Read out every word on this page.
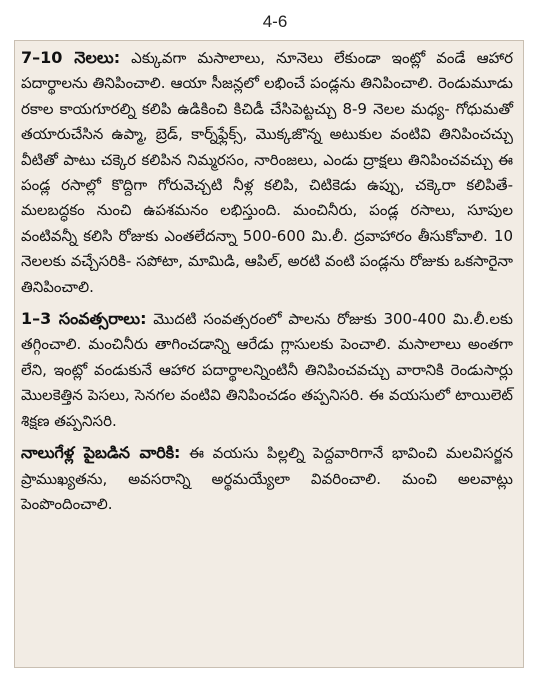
4-6

7–10 నెలలు: ఎక్కువగా మసాలాలు, నూనెలు లేకుండా ఇంట్లో వండే ఆహార పదార్థాలను తినిపించాలి. ఆయా సీజన్లలో లభించే పండ్లను తినిపించాలి. రెండుమూడు రకాల కాయగూరల్ని కలిపి ఉడికించి కిచిడీ చేసిపెట్టచ్చు 8-9 నెలల మధ్య- గోధుమతో తయారుచేసిన ఉప్మా, బ్రెడ్, కార్న్‌ఫ్లేక్స్, మొక్కజొన్న అటుకుల వంటివి తినిపించచ్చు వీటితో పాటు చక్కెర కలిపిన నిమ్మరసం, నారింజలు, ఎండు ద్రాక్షలు తినిపించవచ్చు ఈ పండ్ల రసాల్లో కొద్దిగా గోరువెచ్చటి నీళ్ల కలిపి, చిటికెడు ఉప్పు, చక్కెరా కలిపితే- మలబద్ధకం నుంచి ఉపశమనం లభిస్తుంది. మంచినీరు, పండ్ల రసాలు, సూపుల వంటివన్నీ కలిసి రోజుకు ఎంతలేదన్నా 500-600 మి.లీ. ద్రవాహారం తీసుకోవాలి. 10 నెలలకు వచ్చేసరికి- సపోటా, మామిడి, ఆపిల్, అరటి వంటి పండ్లను రోజుకు ఒకసారైనా తినిపించాలి.

1–3 సంవత్సరాలు: మొదటి సంవత్సరంలో పాలను రోజుకు 300-400 మి.లీ.లకు తగ్గించాలి. మంచినీరు తాగించడాన్ని ఆరేడు గ్లాసులకు పెంచాలి. మసాలాలు అంతగా లేని, ఇంట్లో వండుకునే ఆహార పదార్థాలన్నింటినీ తినిపించవచ్చు వారానికి రెండుసార్లు మొలకెత్తిన పెసలు, సెనగల వంటివి తినిపించడం తప్పనిసరి. ఈ వయసులో టాయిలెట్ శిక్షణ తప్పనిసరి.

నాలుగేళ్ల పైబడిన వారికి: ఈ వయసు పిల్లల్ని పెద్దవారిగానే భావించి మలవిసర్జన ప్రాముఖ్యతను, అవసరాన్ని అర్థమయ్యేలా వివరించాలి. మంచి అలవాట్లు పెంపొందించాలి.
